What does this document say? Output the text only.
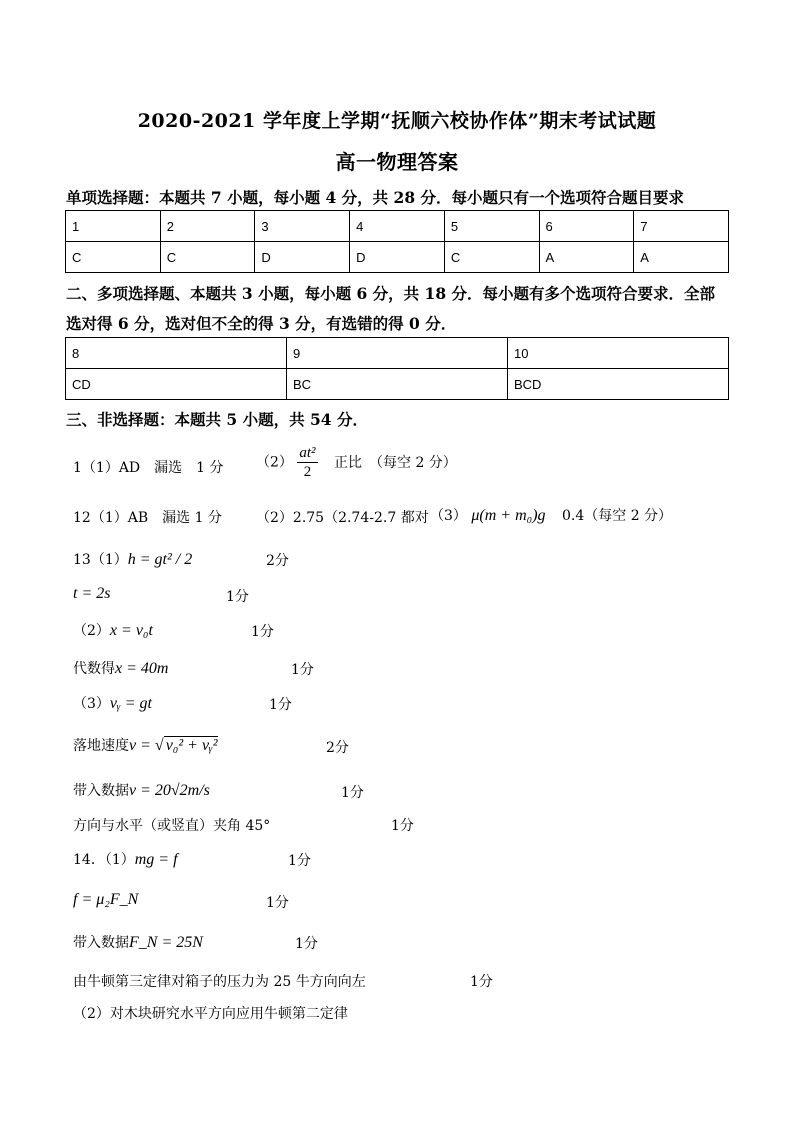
2020-2021 学年度上学期“抚顺六校协作体”期末考试试题
高一物理答案
单项选择题：本题共 7 小题，每小题 4 分，共 28 分．每小题只有一个选项符合题目要求
1	2	3	4	5	6	7
C	C	D	D	C	A	A
二、多项选择题、本题共 3 小题，每小题 6 分，共 18 分．每小题有多个选项符合要求．全部
选对得 6 分，选对但不全的得 3 分，有选错的得 0 分．
8	9	10
CD	BC	BCD
三、非选择题：本题共 5 小题，共 54 分．
1（1）AD　漏选　1 分 $(2) \frac{\text{at²}}{2}$ 正比　（每空 2 分）
12（1）AB　漏选 1 分 （2）2.75（2.74-2.7 都对 （3） μ(m + m₀)g 0.4（每空 2 分）
13（1）h = gt² / 2	2分
t = 2s	1分
（2）x = v₀t	1分
代数得x = 40m	1分
（3）vᵧ = gt	1分
落地速度v = √ v₀² + vᵧ²	2分
带入数据v = 20√2m/s	1分
方向与水平（或竖直）夹角 45°	1分
14．（1）mg = f	1分
f = μ₂F_N	1分
带入数据F_N = 25N	1分
由牛顿第三定律对箱子的压力为 25 牛方向向左	1分
（2）对木块研究水平方向应用牛顿第二定律
